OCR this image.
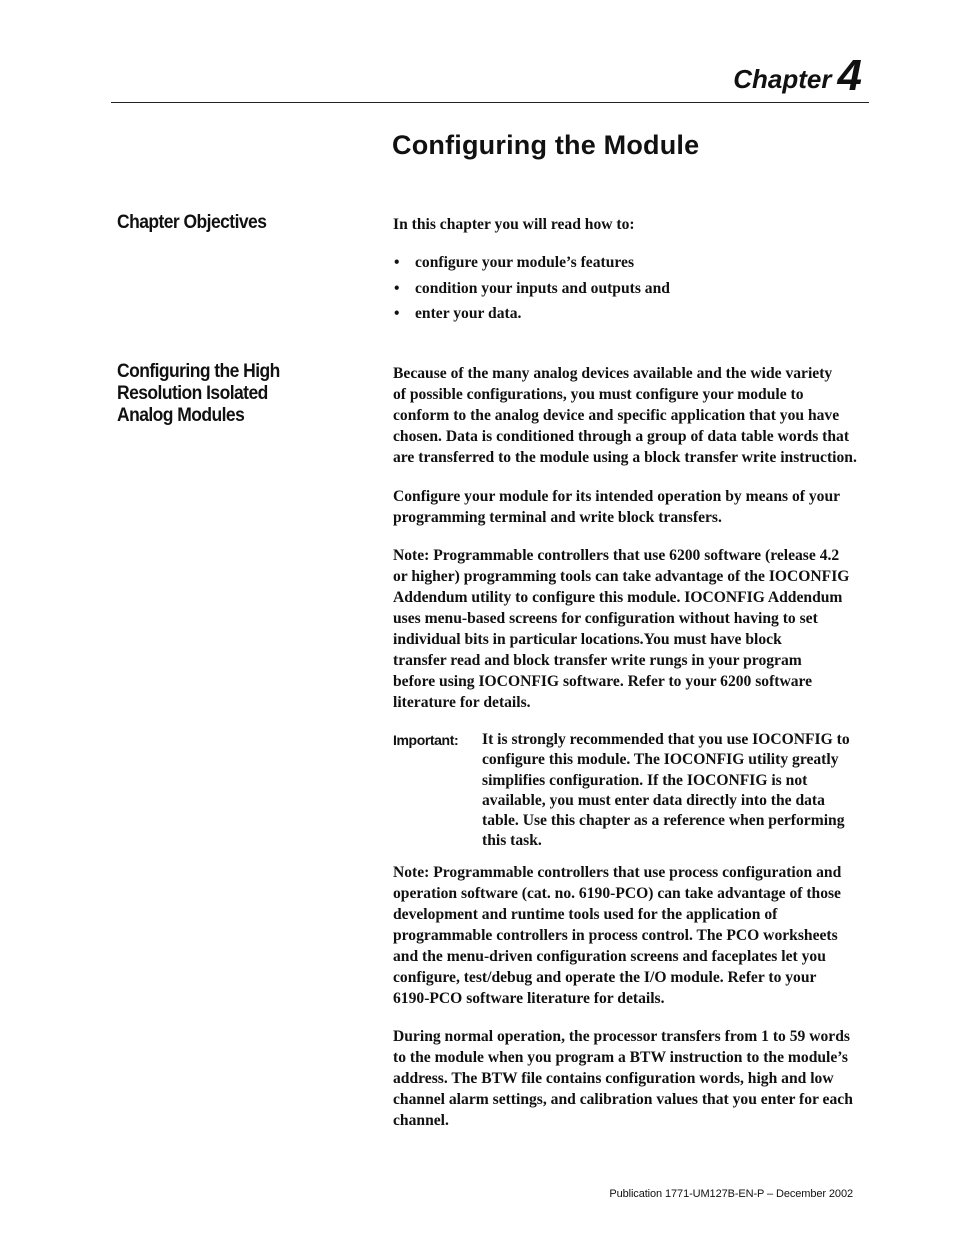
Chapter 4
Configuring the Module
Chapter Objectives	In this chapter you will read how to:

• configure your module’s features
• condition your inputs and outputs and
• enter your data.
Configuring the High
Resolution Isolated
Analog Modules

Because of the many analog devices available and the wide variety

of possible configurations, you must configure your module to

conform to the analog device and specific application that you have

chosen. Data is conditioned through a group of data table words that

are transferred to the module using a block transfer write instruction.

Configure your module for its intended operation by means of your

programming terminal and write block transfers.

Note: Programmable controllers that use 6200 software (release 4.2

or higher) programming tools can take advantage of the IOCONFIG

Addendum utility to configure this module. IOCONFIG Addendum

uses menu-based screens for configuration without having to set

individual bits in particular locations.You must have block

transfer read and block transfer write rungs in your program

before using IOCONFIG software. Refer to your 6200 software

literature for details.

Important:	It is strongly recommended that you use IOCONFIG to

configure this module. The IOCONFIG utility greatly

simplifies configuration. If the IOCONFIG is not

available, you must enter data directly into the data

table. Use this chapter as a reference when performing

this task.

Note: Programmable controllers that use process configuration and

operation software (cat. no. 6190-PCO) can take advantage of those

development and runtime tools used for the application of

programmable controllers in process control. The PCO worksheets

and the menu-driven configuration screens and faceplates let you

configure, test/debug and operate the I/O module. Refer to your

6190-PCO software literature for details.

During normal operation, the processor transfers from 1 to 59 words

to the module when you program a BTW instruction to the module’s

address. The BTW file contains configuration words, high and low

channel alarm settings, and calibration values that you enter for each

channel.

Publication 1771-UM127B-EN-P – December 2002
